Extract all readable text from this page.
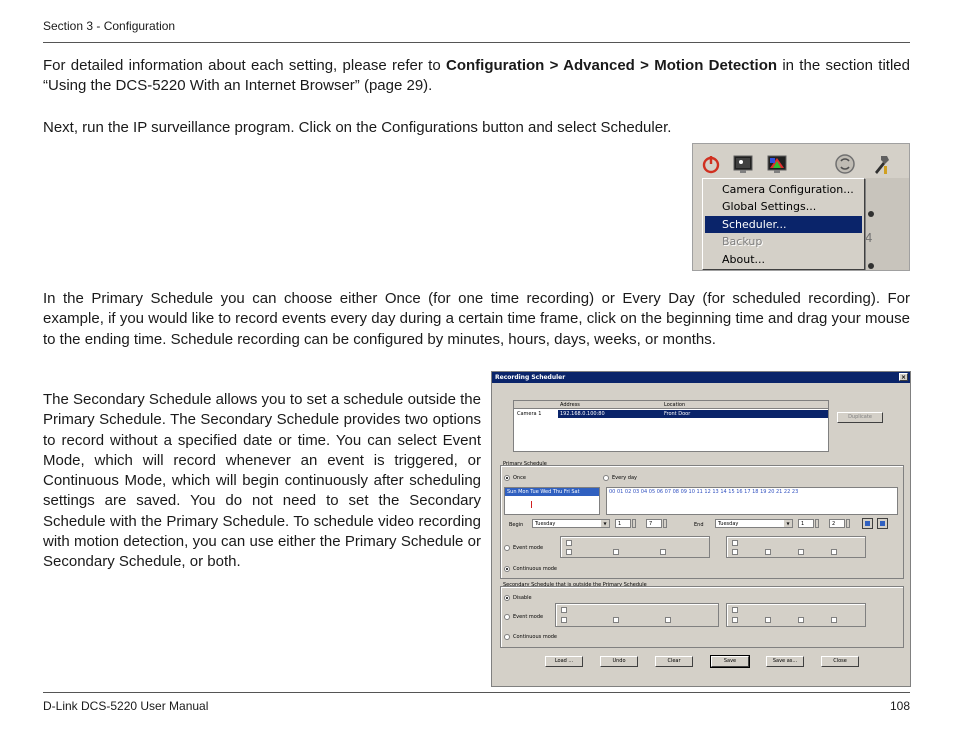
Section 3 - Configuration

For detailed information about each setting, please refer to Configuration > Advanced > Motion Detection in the section titled “Using the DCS-5220 With an Internet Browser” (page 29).

Next, run the IP surveillance program. Click on the Configurations button and select Scheduler.

4
Camera Configuration...
Global Settings...
Scheduler...
Backup
About...

In the Primary Schedule you can choose either Once (for one time recording) or Every Day (for scheduled recording). For example, if you would like to record events every day during a certain time frame, click on the beginning time and drag your mouse to the ending time. Schedule recording can be configured by minutes, hours, days, weeks, or months.

The Secondary Schedule allows you to set a schedule outside the Primary Schedule. The Secondary Schedule provides two options to record without a specified date or time. You can select Event Mode, which will record whenever an event is triggered, or Continuous Mode, which will begin continuously after scheduling settings are saved. You do not need to set the Secondary Schedule with the Primary Schedule. To schedule video recording with motion detection, you can use either the Primary Schedule or Secondary Schedule, or both.

Recording Scheduler	×
Address	Location
Camera 1	192.168.0.100:80	Front Door	Duplicate
Primary Schedule
Once	Every day
Sun Mon Tue Wed Thu Fri Sat	00 01 02 03 04 05 06 07 08 09 10 11 12 13 14 15 16 17 18 19 20 21 22 23
Begin Tuesday	▼	1	7	End	Tuesday	▼	1	2
Event mode
Continuous mode
Secondary Schedule that is outside the Primary Schedule
Disable
Event mode
Continuous mode
Load ...	Undo	Clear	Save	Save as...	Close
D-Link DCS-5220 User Manual	108
